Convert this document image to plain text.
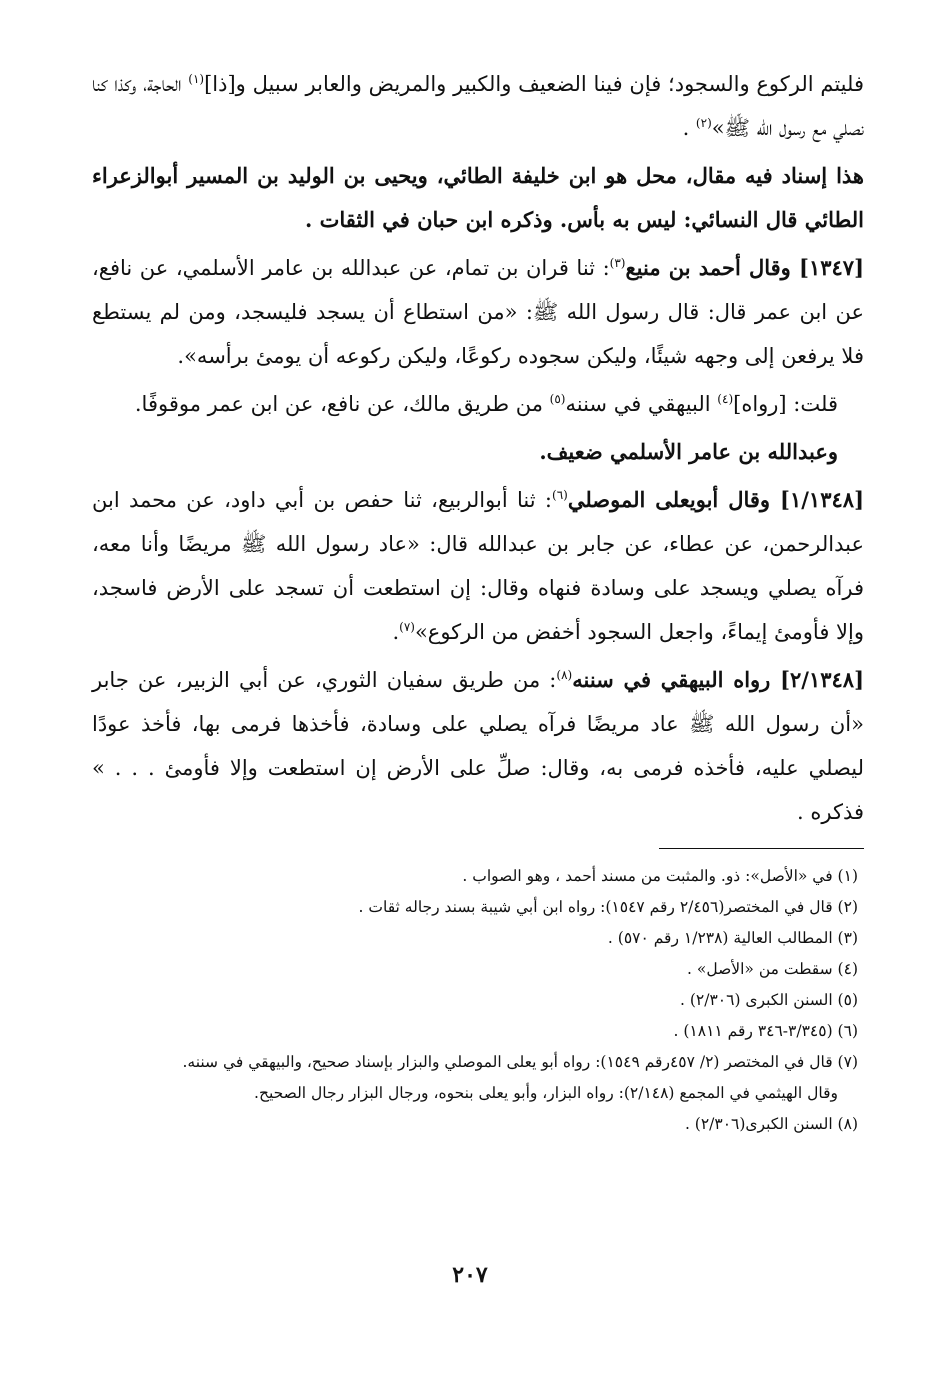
فليتم الركوع والسجود؛ فإن فينا الضعيف والكبير والمريض والعابر سبيل و[ذا]$^{(١)}$ الحاجة، وكذا كنا نصلي مع رسول الله ﷺ»$^{(٢)}$ .

هذا إسناد فيه مقال، محل هو ابن خليفة الطائي، ويحيى بن الوليد بن المسير أبوالزعراء الطائي قال النسائي: ليس به بأس. وذكره ابن حبان في الثقات .

[١٣٤٧] وقال أحمد بن منيع$^{(٣)}$: ثنا قران بن تمام، عن عبدالله بن عامر الأسلمي، عن نافع، عن ابن عمر قال: قال رسول الله ﷺ: «من استطاع أن يسجد فليسجد، ومن لم يستطع فلا يرفعن إلى وجهه شيئًا، وليكن سجوده ركوعًا، وليكن ركوعه أن يومئ برأسه».

قلت: [رواه]$^{(٤)}$ البيهقي في سننه$^{(٥)}$ من طريق مالك، عن نافع، عن ابن عمر موقوفًا.

وعبدالله بن عامر الأسلمي ضعيف.

[١/١٣٤٨] وقال أبويعلى الموصلي$^{(٦)}$: ثنا أبوالربيع، ثنا حفص بن أبي داود، عن محمد ابن عبدالرحمن، عن عطاء، عن جابر بن عبدالله قال: «عاد رسول الله ﷺ مريضًا وأنا معه، فرآه يصلي ويسجد على وسادة فنهاه وقال: إن استطعت أن تسجد على الأرض فاسجد، وإلا فأومئ إيماءً، واجعل السجود أخفض من الركوع»$^{(٧)}$.

[٢/١٣٤٨] رواه البيهقي في سننه$^{(٨)}$: من طريق سفيان الثوري، عن أبي الزبير، عن جابر «أن رسول الله ﷺ عاد مريضًا فرآه يصلي على وسادة، فأخذها فرمى بها، فأخذ عودًا ليصلي عليه، فأخذه فرمى به، وقال: صلِّ على الأرض إن استطعت وإلا فأومئ . . . » فذكره .

(١) في «الأصل»: ذو. والمثبت من مسند أحمد ، وهو الصواب .

(٢) قال في المختصر(٢/٤٥٦ رقم ١٥٤٧): رواه ابن أبي شيبة بسند رجاله ثقات .

(٣) المطالب العالية (١/٢٣٨ رقم ٥٧٠) .

(٤) سقطت من «الأصل» .

(٥) السنن الكبرى (٢/٣٠٦) .

(٦) (٣/٣٤٥-٣٤٦ رقم ١٨١١) .

(٧) قال في المختصر (٢/ ٤٥٧رقم ١٥٤٩): رواه أبو يعلى الموصلي والبزار بإسناد صحيح، والبيهقي في سننه.

وقال الهيثمي في المجمع (٢/١٤٨): رواه البزار، وأبو يعلى بنحوه، ورجال البزار رجال الصحيح.

(٨) السنن الكبرى(٢/٣٠٦) .

٢٠٧
